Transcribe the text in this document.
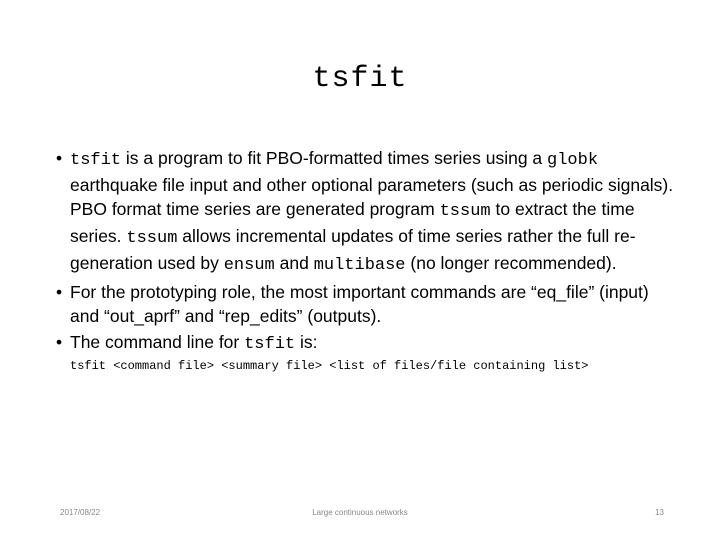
tsfit
• tsfit is a program to fit PBO-formatted times series using a globk earthquake file input and other optional parameters (such as periodic signals). PBO format time series are generated program tssum to extract the time series. tssum allows incremental updates of time series rather the full re-generation used by ensum and multibase (no longer recommended).
• For the prototyping role, the most important commands are “eq_file” (input) and “out_aprf” and “rep_edits” (outputs).
• The command line for tsfit is:
tsfit <command file> <summary file> <list of files/file containing list>
2017/08/22	Large continuous networks	13
